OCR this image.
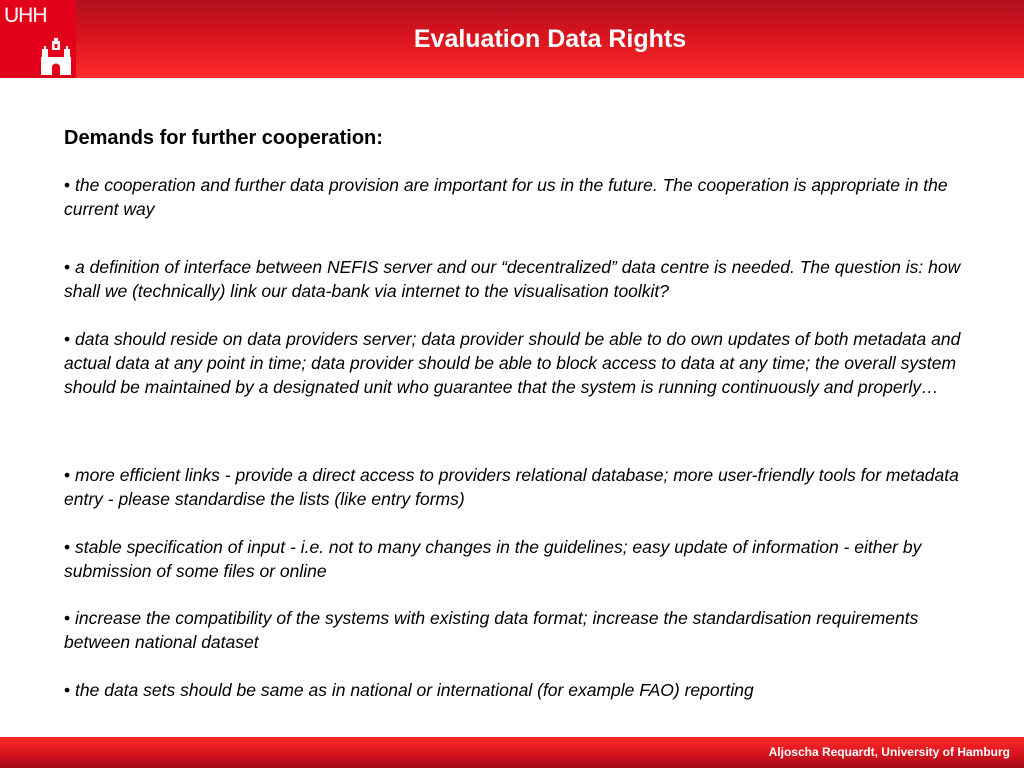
UHH
Evaluation Data Rights
Demands for further cooperation:

• the cooperation and further data provision are important for us in the future. The cooperation is appropriate in the current way

• a definition of interface between NEFIS server and our “decentralized” data centre is needed. The question is: how shall we (technically) link our data-bank via internet to the visualisation toolkit?

• data should reside on data providers server; data provider should be able to do own updates of both metadata and actual data at any point in time; data provider should be able to block access to data at any time; the overall system should be maintained by a designated unit who guarantee that the system is running continuously and properly…

• more efficient links - provide a direct access to providers relational database; more user-friendly tools for metadata entry - please standardise the lists (like entry forms)

• stable specification of input - i.e. not to many changes in the guidelines; easy update of information - either by submission of some files or online

• increase the compatibility of the systems with existing data format; increase the standardisation requirements between national dataset

• the data sets should be same as in national or international (for example FAO) reporting

Aljoscha Requardt, University of Hamburg
